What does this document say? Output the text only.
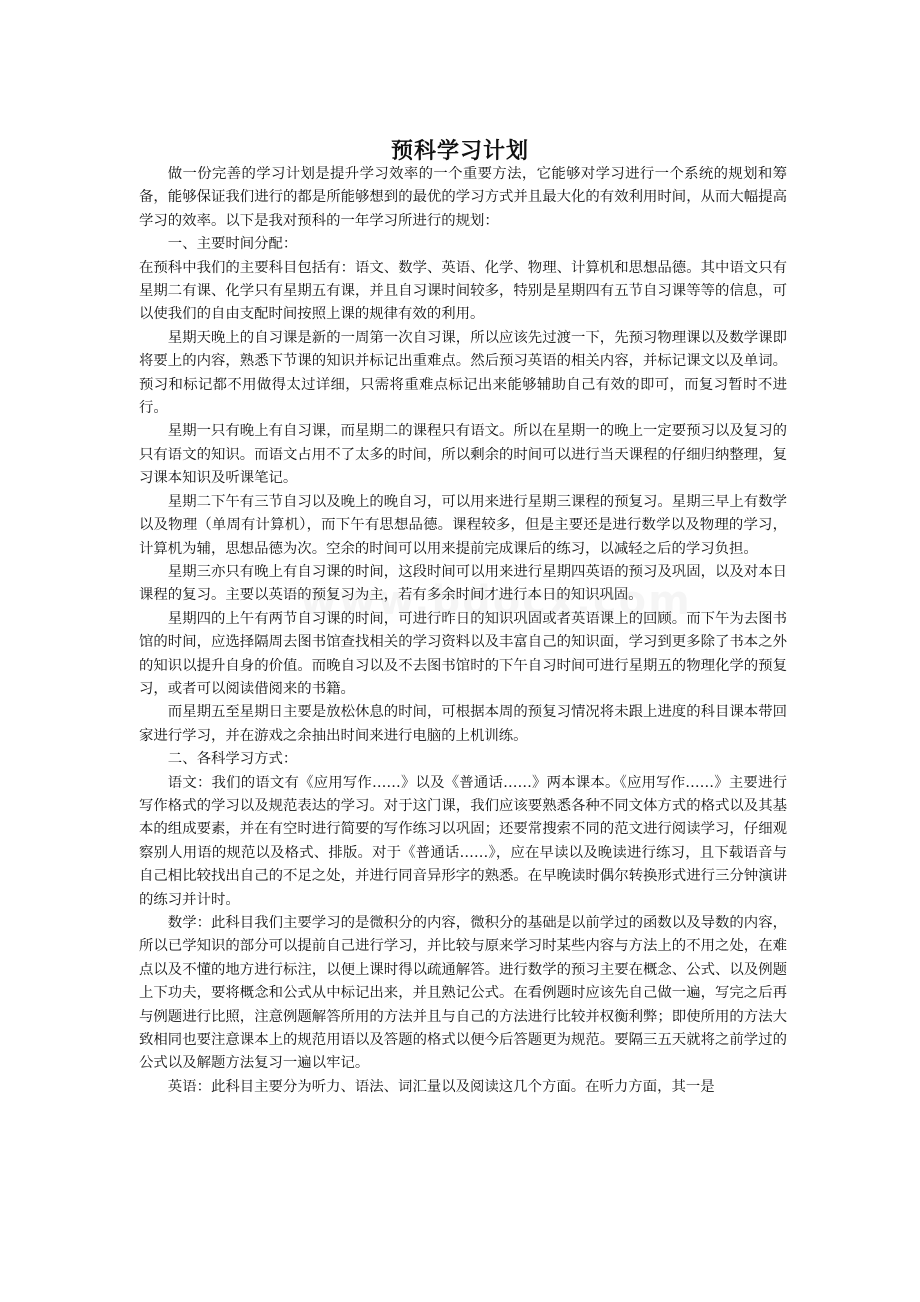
预科学习计划

做一份完善的学习计划是提升学习效率的一个重要方法，它能够对学习进行一个系统的规划和筹备，能够保证我们进行的都是所能够想到的最优的学习方式并且最大化的有效利用时间，从而大幅提高学习的效率。以下是我对预科的一年学习所进行的规划：

一、主要时间分配：

在预科中我们的主要科目包括有：语文、数学、英语、化学、物理、计算机和思想品德。其中语文只有星期二有课、化学只有星期五有课，并且自习课时间较多，特别是星期四有五节自习课等等的信息，可以使我们的自由支配时间按照上课的规律有效的利用。

星期天晚上的自习课是新的一周第一次自习课，所以应该先过渡一下，先预习物理课以及数学课即将要上的内容，熟悉下节课的知识并标记出重难点。然后预习英语的相关内容，并标记课文以及单词。预习和标记都不用做得太过详细，只需将重难点标记出来能够辅助自己有效的即可，而复习暂时不进行。

星期一只有晚上有自习课，而星期二的课程只有语文。所以在星期一的晚上一定要预习以及复习的只有语文的知识。而语文占用不了太多的时间，所以剩余的时间可以进行当天课程的仔细归纳整理，复习课本知识及听课笔记。

星期二下午有三节自习以及晚上的晚自习，可以用来进行星期三课程的预复习。星期三早上有数学以及物理（单周有计算机），而下午有思想品德。课程较多，但是主要还是进行数学以及物理的学习，计算机为辅，思想品德为次。空余的时间可以用来提前完成课后的练习，以减轻之后的学习负担。

星期三亦只有晚上有自习课的时间，这段时间可以用来进行星期四英语的预习及巩固，以及对本日课程的复习。主要以英语的预复习为主，若有多余时间才进行本日的知识巩固。

星期四的上午有两节自习课的时间，可进行昨日的知识巩固或者英语课上的回顾。而下午为去图书馆的时间，应选择隔周去图书馆查找相关的学习资料以及丰富自己的知识面，学习到更多除了书本之外的知识以提升自身的价值。而晚自习以及不去图书馆时的下午自习时间可进行星期五的物理化学的预复习，或者可以阅读借阅来的书籍。

而星期五至星期日主要是放松休息的时间，可根据本周的预复习情况将未跟上进度的科目课本带回家进行学习，并在游戏之余抽出时间来进行电脑的上机训练。

二、各科学习方式：

语文：我们的语文有《应用写作……》以及《普通话……》两本课本。《应用写作……》主要进行写作格式的学习以及规范表达的学习。对于这门课，我们应该要熟悉各种不同文体方式的格式以及其基本的组成要素，并在有空时进行简要的写作练习以巩固；还要常搜索不同的范文进行阅读学习，仔细观察别人用语的规范以及格式、排版。对于《普通话……》，应在早读以及晚读进行练习，且下载语音与自己相比较找出自己的不足之处，并进行同音异形字的熟悉。在早晚读时偶尔转换形式进行三分钟演讲的练习并计时。

数学：此科目我们主要学习的是微积分的内容，微积分的基础是以前学过的函数以及导数的内容，所以已学知识的部分可以提前自己进行学习，并比较与原来学习时某些内容与方法上的不用之处，在难点以及不懂的地方进行标注，以便上课时得以疏通解答。进行数学的预习主要在概念、公式、以及例题上下功夫，要将概念和公式从中标记出来，并且熟记公式。在看例题时应该先自己做一遍，写完之后再与例题进行比照，注意例题解答所用的方法并且与自己的方法进行比较并权衡利弊；即使所用的方法大致相同也要注意课本上的规范用语以及答题的格式以便今后答题更为规范。要隔三五天就将之前学过的公式以及解题方法复习一遍以牢记。

英语：此科目主要分为听力、语法、词汇量以及阅读这几个方面。在听力方面，其一是
